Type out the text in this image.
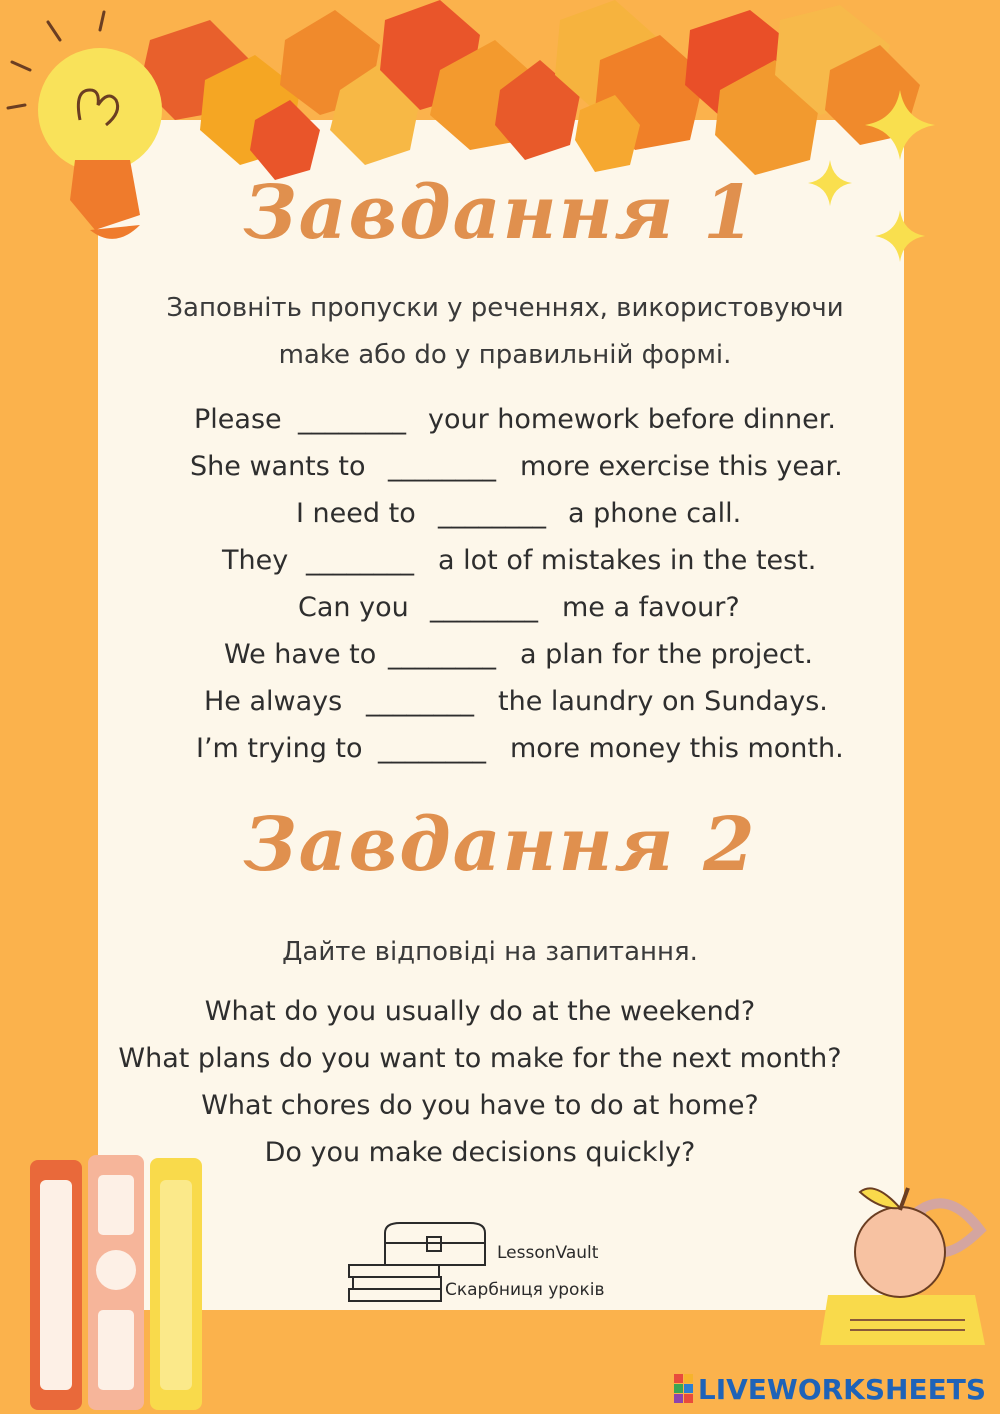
Завдання 1

Заповніть пропуски у реченнях, використовуючи

make або do у правильній формі.

Please ________ your homework before dinner.
She wants to ________ more exercise this year.
I need to ________ a phone call.
They ________ a lot of mistakes in the test.
Can you ________ me a favour?
We have to ________ a plan for the project.
He always ________ the laundry on Sundays.
I’m trying to ________ more money this month.
Завдання 2

Дайте відповіді на запитання.

What do you usually do at the weekend?
What plans do you want to make for the next month?
What chores do you have to do at home?
Do you make decisions quickly?
LessonVault
Скарбниця уроків
LIVEWORKSHEETS
